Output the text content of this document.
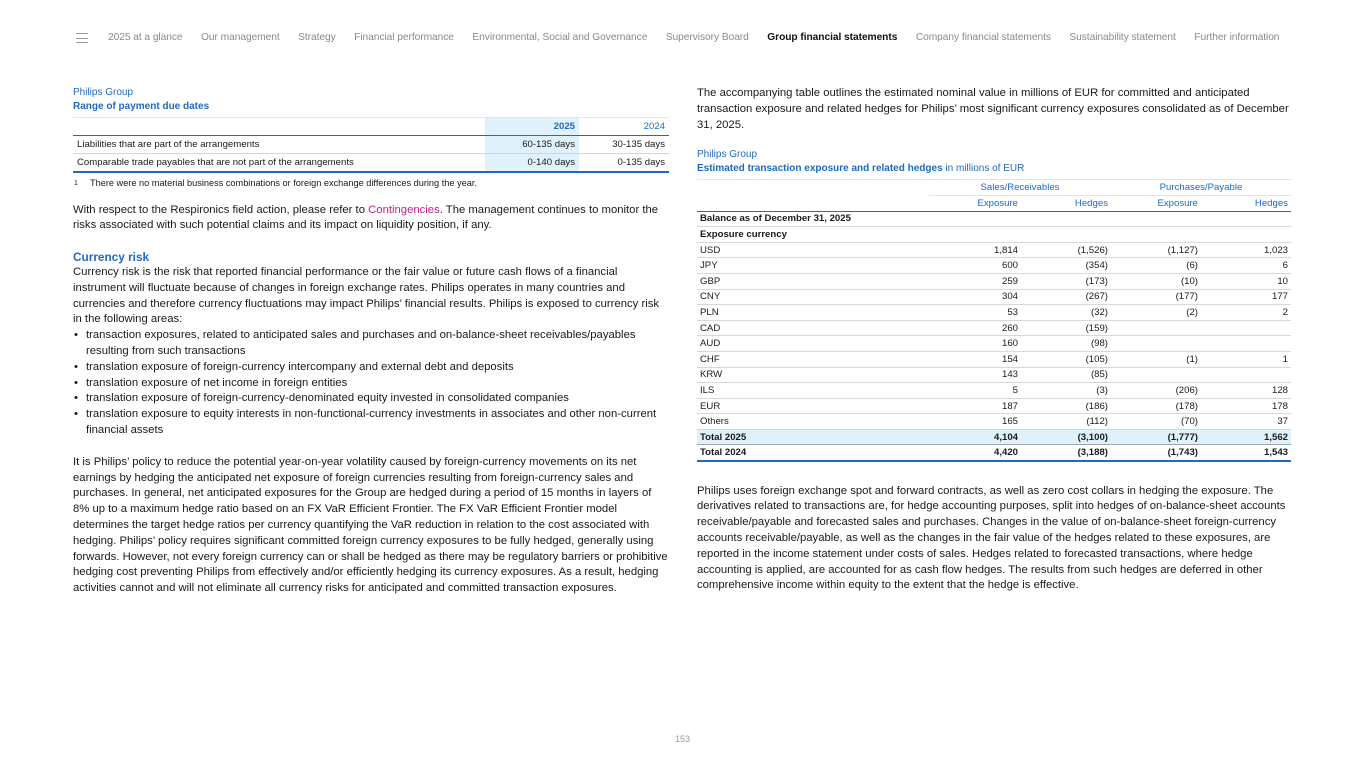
2025 at a glance Our management Strategy Financial performance Environmental, Social and Governance Supervisory Board Group financial statements Company financial statements Sustainability statement Further information
Philips Group
Range of payment due dates
	2025	2024
Liabilities that are part of the arrangements	60-135 days	30-135 days
Comparable trade payables that are not part of the arrangements	0-140 days	0-135 days
1	There were no material business combinations or foreign exchange differences during the year.

With respect to the Respironics field action, please refer to Contingencies. The management continues to monitor the risks associated with such potential claims and its impact on liquidity position, if any.

Currency risk

Currency risk is the risk that reported financial performance or the fair value or future cash flows of a financial instrument will fluctuate because of changes in foreign exchange rates. Philips operates in many countries and currencies and therefore currency fluctuations may impact Philips’ financial results. Philips is exposed to currency risk in the following areas:

• transaction exposures, related to anticipated sales and purchases and on-balance-sheet receivables/payables resulting from such transactions
• translation exposure of foreign-currency intercompany and external debt and deposits
• translation exposure of net income in foreign entities
• translation exposure of foreign-currency-denominated equity invested in consolidated companies
• translation exposure to equity interests in non-functional-currency investments in associates and other non-current financial assets

It is Philips’ policy to reduce the potential year-on-year volatility caused by foreign-currency movements on its net earnings by hedging the anticipated net exposure of foreign currencies resulting from foreign-currency sales and purchases. In general, net anticipated exposures for the Group are hedged during a period of 15 months in layers of 8% up to a maximum hedge ratio based on an FX VaR Efficient Frontier. The FX VaR Efficient Frontier model determines the target hedge ratios per currency quantifying the VaR reduction in relation to the cost associated with hedging. Philips’ policy requires significant committed foreign currency exposures to be fully hedged, generally using forwards. However, not every foreign currency can or shall be hedged as there may be regulatory barriers or prohibitive hedging cost preventing Philips from effectively and/or efficiently hedging its currency exposures. As a result, hedging activities cannot and will not eliminate all currency risks for anticipated and committed transaction exposures.

The accompanying table outlines the estimated nominal value in millions of EUR for committed and anticipated transaction exposure and related hedges for Philips’ most significant currency exposures consolidated as of December 31, 2025.

Philips Group
Estimated transaction exposure and related hedges in millions of EUR
	Sales/Receivables		Purchases/Payable	
	Exposure	Hedges	Exposure	Hedges
Balance as of December 31, 2025				
Exposure currency				
USD	1,814	(1,526)	(1,127)	1,023
JPY	600	(354)	(6)	6
GBP	259	(173)	(10)	10
CNY	304	(267)	(177)	177
PLN	53	(32)	(2)	2
CAD	260	(159)		
AUD	160	(98)		
CHF	154	(105)	(1)	1
KRW	143	(85)		
ILS	5	(3)	(206)	128
EUR	187	(186)	(178)	178
Others	165	(112)	(70)	37
Total 2025	4,104	(3,100)	(1,777)	1,562
Total 2024	4,420	(3,188)	(1,743)	1,543

Philips uses foreign exchange spot and forward contracts, as well as zero cost collars in hedging the exposure. The derivatives related to transactions are, for hedge accounting purposes, split into hedges of on-balance-sheet accounts receivable/payable and forecasted sales and purchases. Changes in the value of on-balance-sheet foreign-currency accounts receivable/payable, as well as the changes in the fair value of the hedges related to these exposures, are reported in the income statement under costs of sales. Hedges related to forecasted transactions, where hedge accounting is applied, are accounted for as cash flow hedges. The results from such hedges are deferred in other comprehensive income within equity to the extent that the hedge is effective.

153
